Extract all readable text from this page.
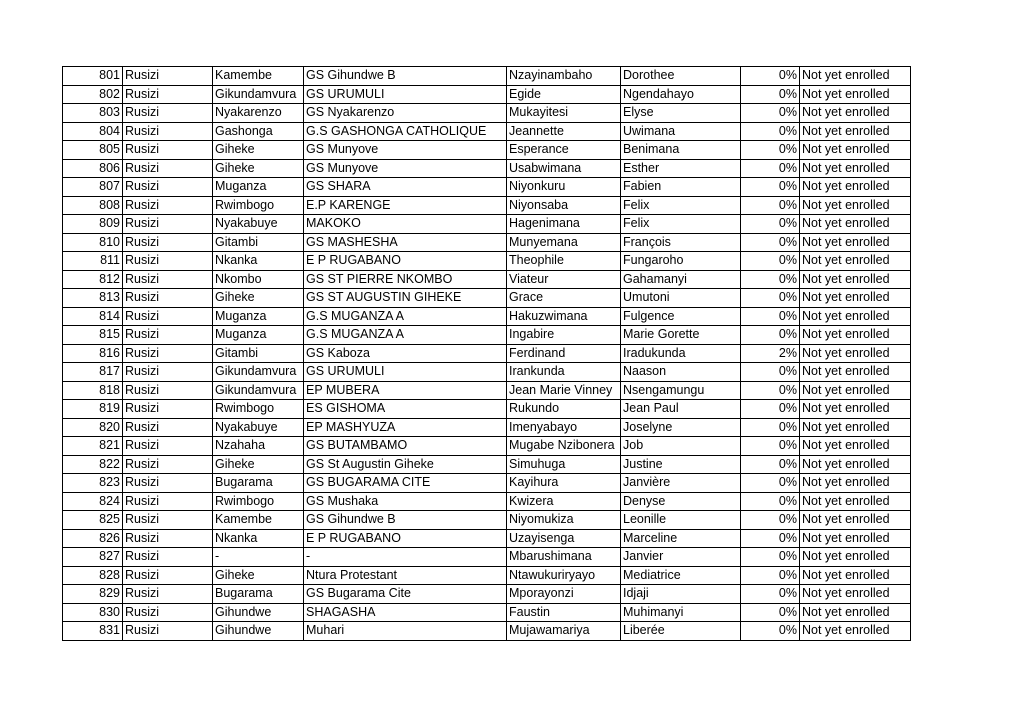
801	Rusizi	Kamembe	GS Gihundwe B	Nzayinambaho	Dorothee	0%	Not yet enrolled
802	Rusizi	Gikundamvura	GS URUMULI	Egide	Ngendahayo	0%	Not yet enrolled
803	Rusizi	Nyakarenzo	GS Nyakarenzo	Mukayitesi	Elyse	0%	Not yet enrolled
804	Rusizi	Gashonga	G.S GASHONGA CATHOLIQUE	Jeannette	Uwimana	0%	Not yet enrolled
805	Rusizi	Giheke	GS Munyove	Esperance	Benimana	0%	Not yet enrolled
806	Rusizi	Giheke	GS Munyove	Usabwimana	Esther	0%	Not yet enrolled
807	Rusizi	Muganza	GS SHARA	Niyonkuru	Fabien	0%	Not yet enrolled
808	Rusizi	Rwimbogo	E.P KARENGE	Niyonsaba	Felix	0%	Not yet enrolled
809	Rusizi	Nyakabuye	MAKOKO	Hagenimana	Felix	0%	Not yet enrolled
810	Rusizi	Gitambi	GS MASHESHA	Munyemana	François	0%	Not yet enrolled
811	Rusizi	Nkanka	E P RUGABANO	Theophile	Fungaroho	0%	Not yet enrolled
812	Rusizi	Nkombo	GS ST PIERRE NKOMBO	Viateur	Gahamanyi	0%	Not yet enrolled
813	Rusizi	Giheke	GS ST AUGUSTIN GIHEKE	Grace	Umutoni	0%	Not yet enrolled
814	Rusizi	Muganza	G.S MUGANZA A	Hakuzwimana	Fulgence	0%	Not yet enrolled
815	Rusizi	Muganza	G.S MUGANZA A	Ingabire	Marie Gorette	0%	Not yet enrolled
816	Rusizi	Gitambi	GS Kaboza	Ferdinand	Iradukunda	2%	Not yet enrolled
817	Rusizi	Gikundamvura	GS URUMULI	Irankunda	Naason	0%	Not yet enrolled
818	Rusizi	Gikundamvura	EP MUBERA	Jean Marie Vinney	Nsengamungu	0%	Not yet enrolled
819	Rusizi	Rwimbogo	ES GISHOMA	Rukundo	Jean Paul	0%	Not yet enrolled
820	Rusizi	Nyakabuye	EP MASHYUZA	Imenyabayo	Joselyne	0%	Not yet enrolled
821	Rusizi	Nzahaha	GS BUTAMBAMO	Mugabe Nzibonera	Job	0%	Not yet enrolled
822	Rusizi	Giheke	GS St Augustin Giheke	Simuhuga	Justine	0%	Not yet enrolled
823	Rusizi	Bugarama	GS BUGARAMA CITE	Kayihura	Janvière	0%	Not yet enrolled
824	Rusizi	Rwimbogo	GS Mushaka	Kwizera	Denyse	0%	Not yet enrolled
825	Rusizi	Kamembe	GS Gihundwe B	Niyomukiza	Leonille	0%	Not yet enrolled
826	Rusizi	Nkanka	E P RUGABANO	Uzayisenga	Marceline	0%	Not yet enrolled
827	Rusizi	-	-	Mbarushimana	Janvier	0%	Not yet enrolled
828	Rusizi	Giheke	Ntura Protestant	Ntawukuriryayo	Mediatrice	0%	Not yet enrolled
829	Rusizi	Bugarama	GS Bugarama Cite	Mporayonzi	Idjaji	0%	Not yet enrolled
830	Rusizi	Gihundwe	SHAGASHA	Faustin	Muhimanyi	0%	Not yet enrolled
831	Rusizi	Gihundwe	Muhari	Mujawamariya	Liberée	0%	Not yet enrolled
